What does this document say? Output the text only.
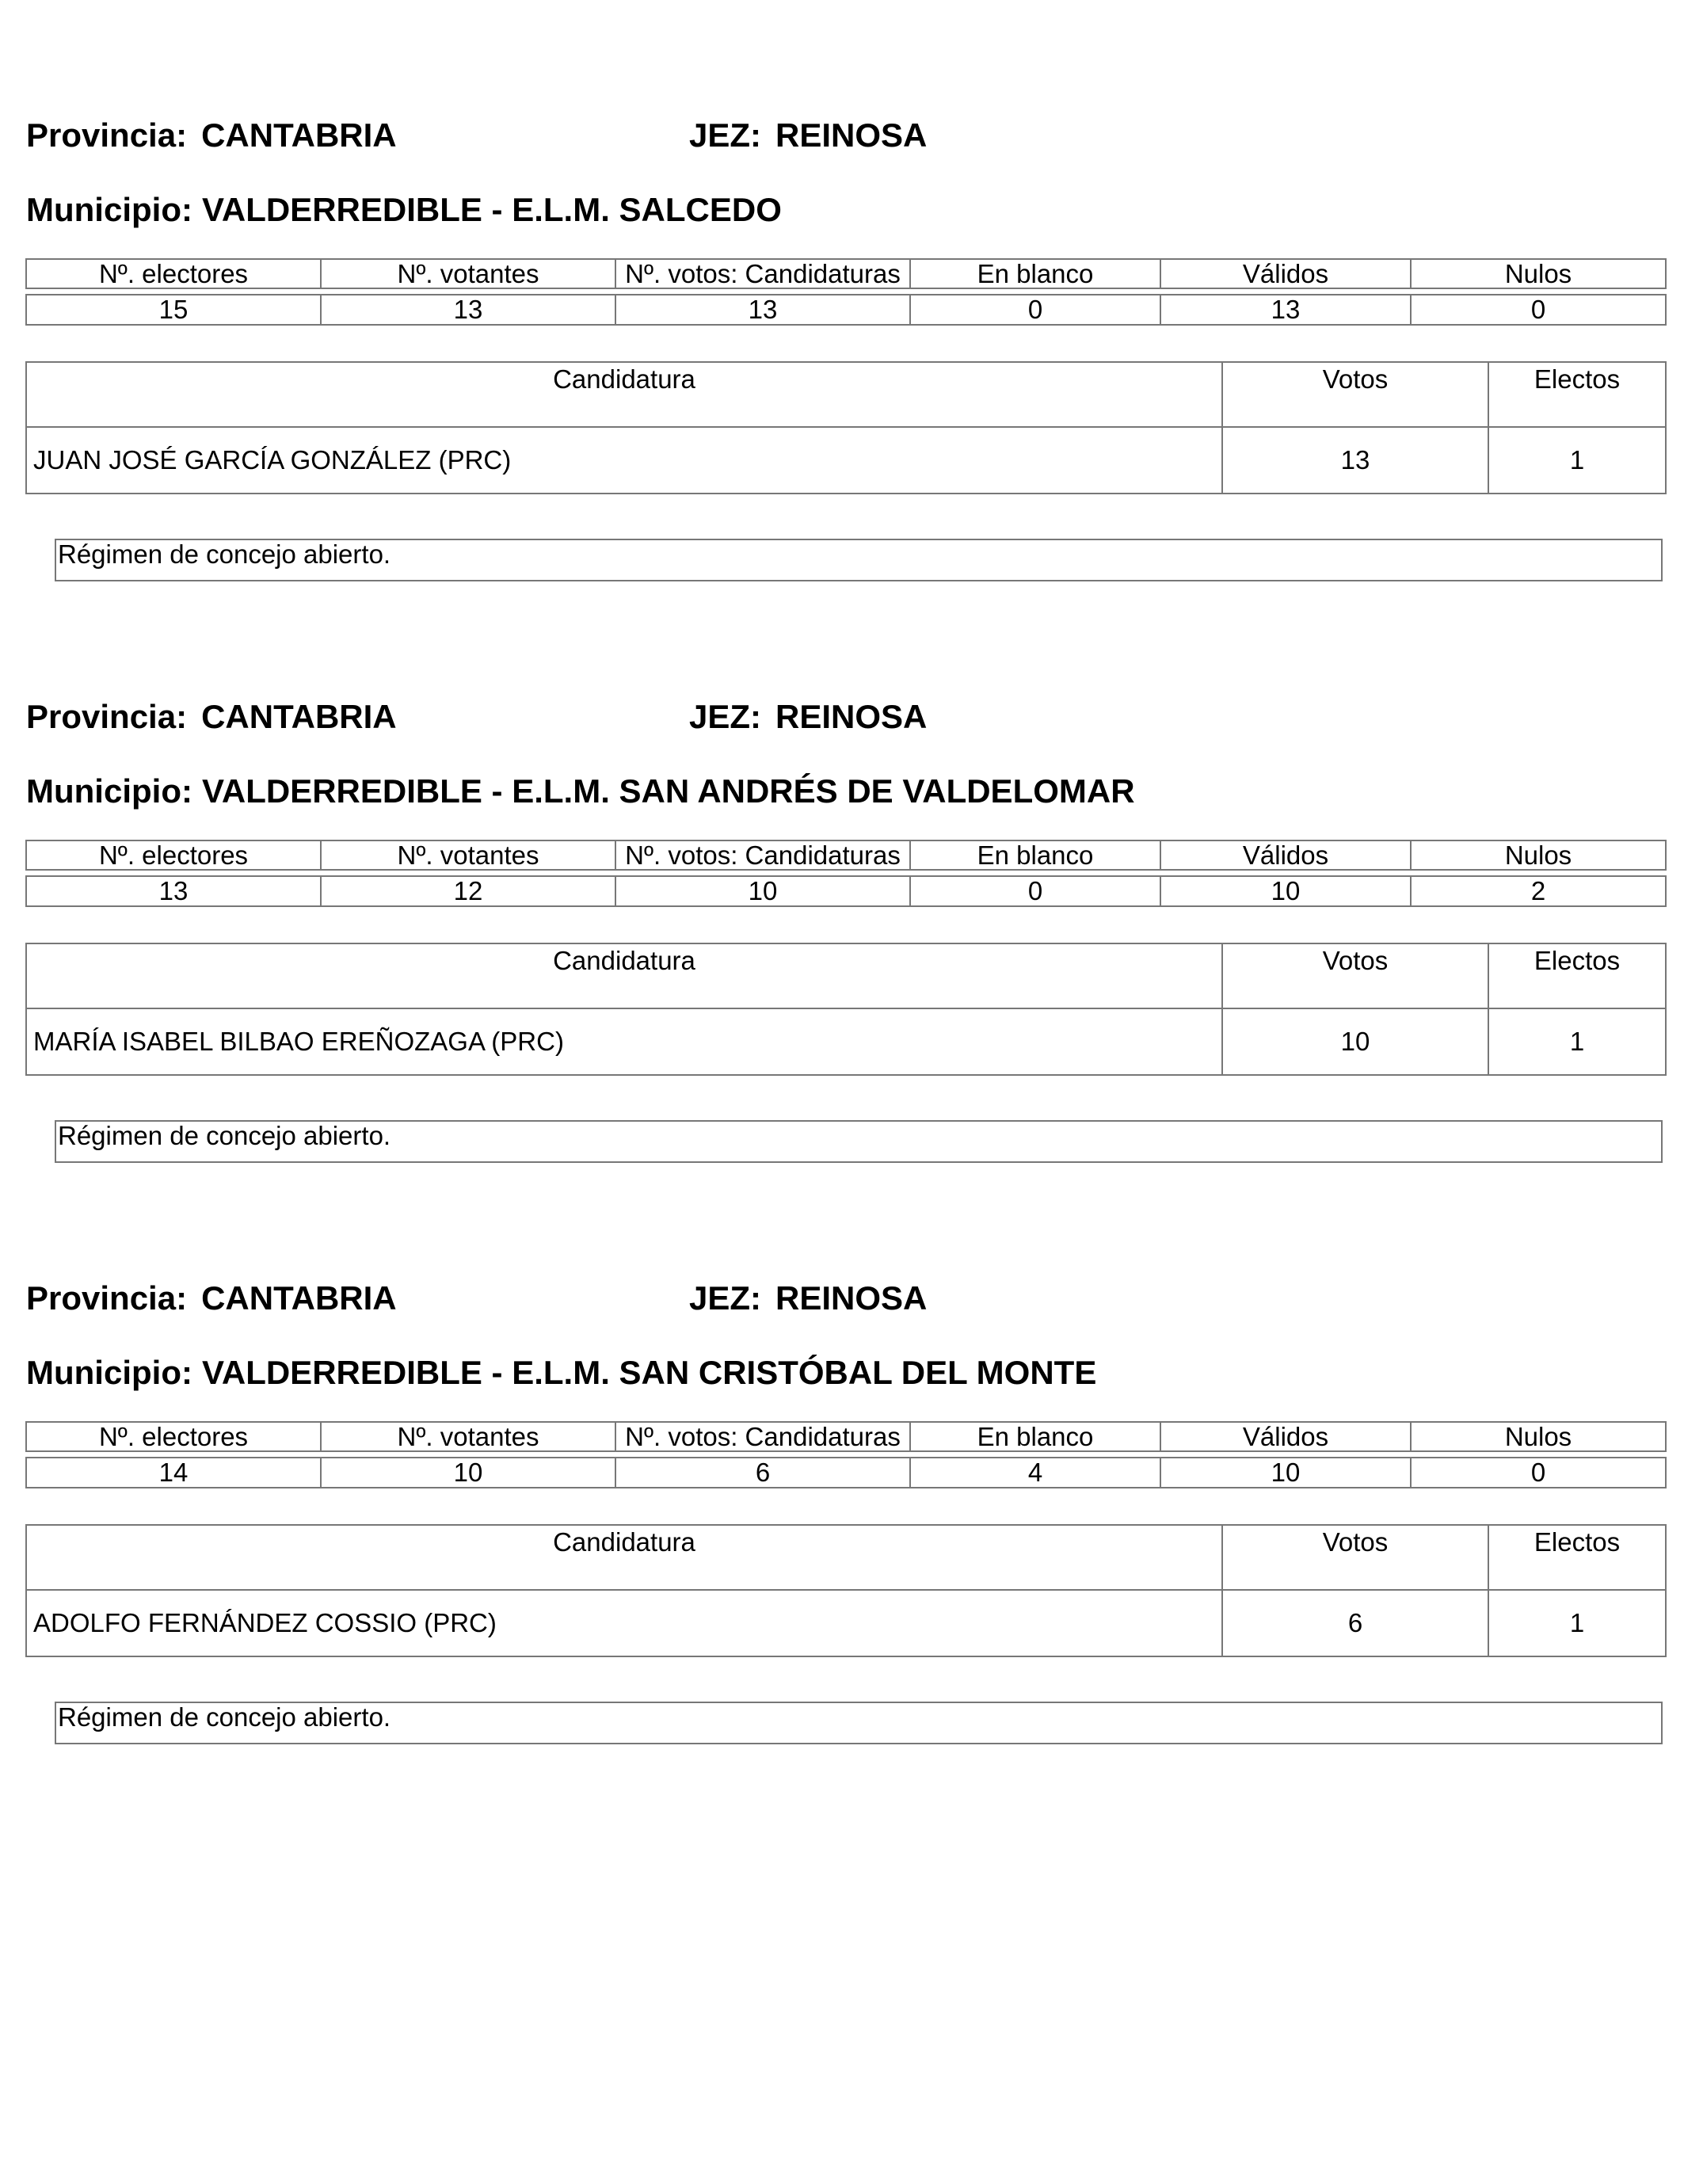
Provincia: CANTABRIA	JEZ: REINOSA
Municipio: VALDERREDIBLE - E.L.M. SALCEDO
Nº. electores	Nº. votantes	Nº. votos: Candidaturas	En blanco	Válidos	Nulos

15	13	13	0	13	0
Candidatura	Votos	Electos
JUAN JOSÉ GARCÍA GONZÁLEZ (PRC)	13	1
Régimen de concejo abierto.
Provincia: CANTABRIA	JEZ: REINOSA
Municipio: VALDERREDIBLE - E.L.M. SAN ANDRÉS DE VALDELOMAR
Nº. electores	Nº. votantes	Nº. votos: Candidaturas	En blanco	Válidos	Nulos

13	12	10	0	10	2
Candidatura	Votos	Electos
MARÍA ISABEL BILBAO EREÑOZAGA (PRC)	10	1
Régimen de concejo abierto.
Provincia: CANTABRIA	JEZ: REINOSA
Municipio: VALDERREDIBLE - E.L.M. SAN CRISTÓBAL DEL MONTE
Nº. electores	Nº. votantes	Nº. votos: Candidaturas	En blanco	Válidos	Nulos

14	10	6	4	10	0
Candidatura	Votos	Electos
ADOLFO FERNÁNDEZ COSSIO (PRC)	6	1
Régimen de concejo abierto.
